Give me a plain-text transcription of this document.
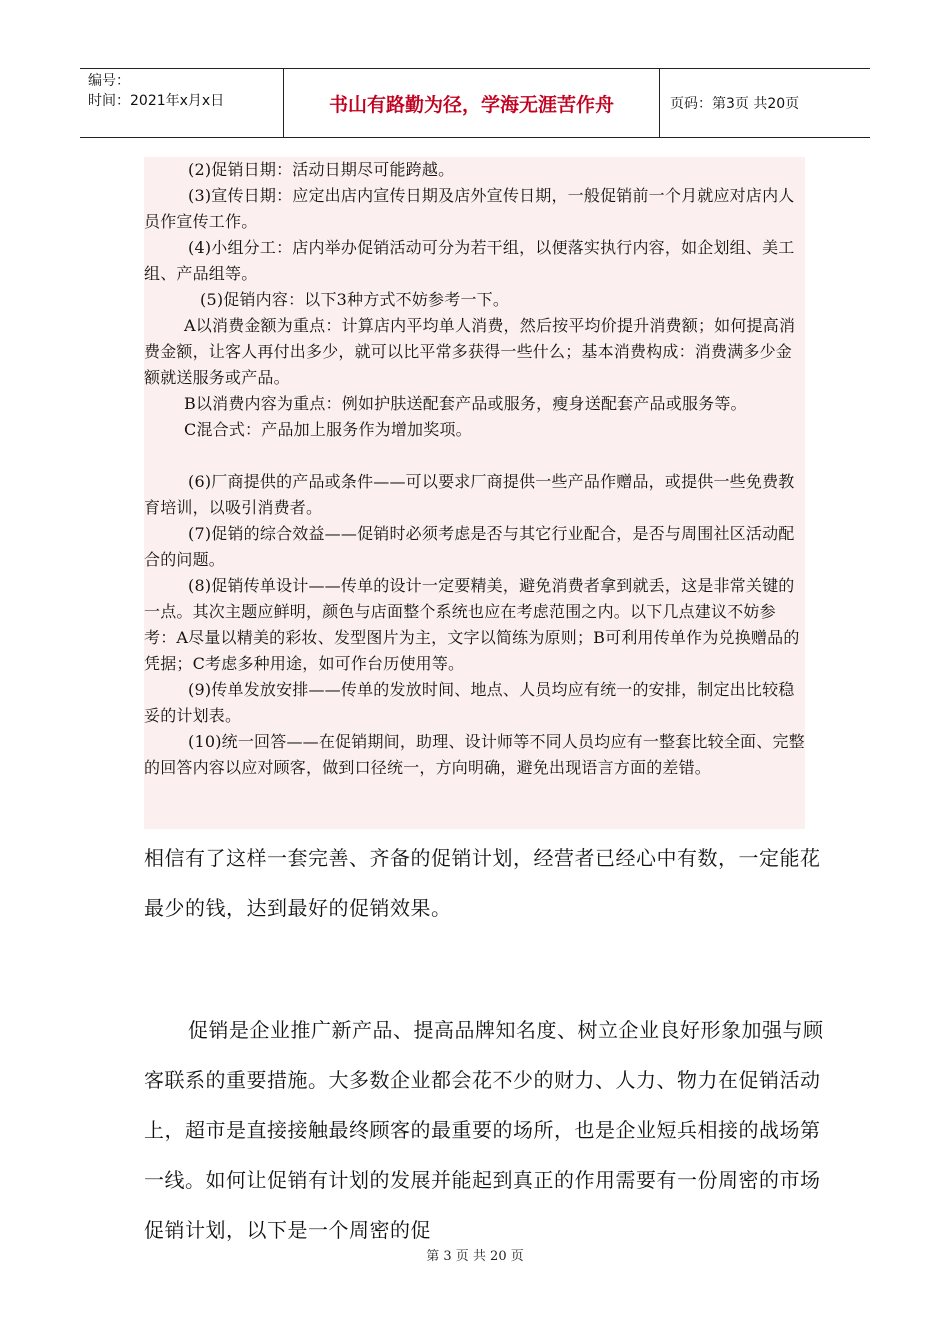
编号：
时间：2021年x月x日	书山有路勤为径，学海无涯苦作舟	页码：第3页 共20页

(2)促销日期：活动日期尽可能跨越。

(3)宣传日期：应定出店内宣传日期及店外宣传日期，一般促销前一个月就应对店内人员作宣传工作。

(4)小组分工：店内举办促销活动可分为若干组，以便落实执行内容，如企划组、美工组、产品组等。

(5)促销内容：以下3种方式不妨参考一下。

A以消费金额为重点：计算店内平均单人消费，然后按平均价提升消费额；如何提高消费金额，让客人再付出多少，就可以比平常多获得一些什么；基本消费构成：消费满多少金额就送服务或产品。

B以消费内容为重点：例如护肤送配套产品或服务，瘦身送配套产品或服务等。

C混合式：产品加上服务作为增加奖项。

(6)厂商提供的产品或条件——可以要求厂商提供一些产品作赠品，或提供一些免费教育培训，以吸引消费者。

(7)促销的综合效益——促销时必须考虑是否与其它行业配合，是否与周围社区活动配合的问题。

(8)促销传单设计——传单的设计一定要精美，避免消费者拿到就丢，这是非常关键的一点。其次主题应鲜明，颜色与店面整个系统也应在考虑范围之内。以下几点建议不妨参考：A尽量以精美的彩妆、发型图片为主，文字以简练为原则；B可利用传单作为兑换赠品的凭据；C考虑多种用途，如可作台历使用等。

(9)传单发放安排——传单的发放时间、地点、人员均应有统一的安排，制定出比较稳妥的计划表。

(10)统一回答——在促销期间，助理、设计师等不同人员均应有一整套比较全面、完整的回答内容以应对顾客，做到口径统一，方向明确，避免出现语言方面的差错。

相信有了这样一套完善、齐备的促销计划，经营者已经心中有数，一定能花最少的钱，达到最好的促销效果。

促销是企业推广新产品、提高品牌知名度、树立企业良好形象加强与顾客联系的重要措施。大多数企业都会花不少的财力、人力、物力在促销活动上，超市是直接接触最终顾客的最重要的场所，也是企业短兵相接的战场第一线。如何让促销有计划的发展并能起到真正的作用需要有一份周密的市场促销计划，以下是一个周密的促

第 3 页 共 20 页
